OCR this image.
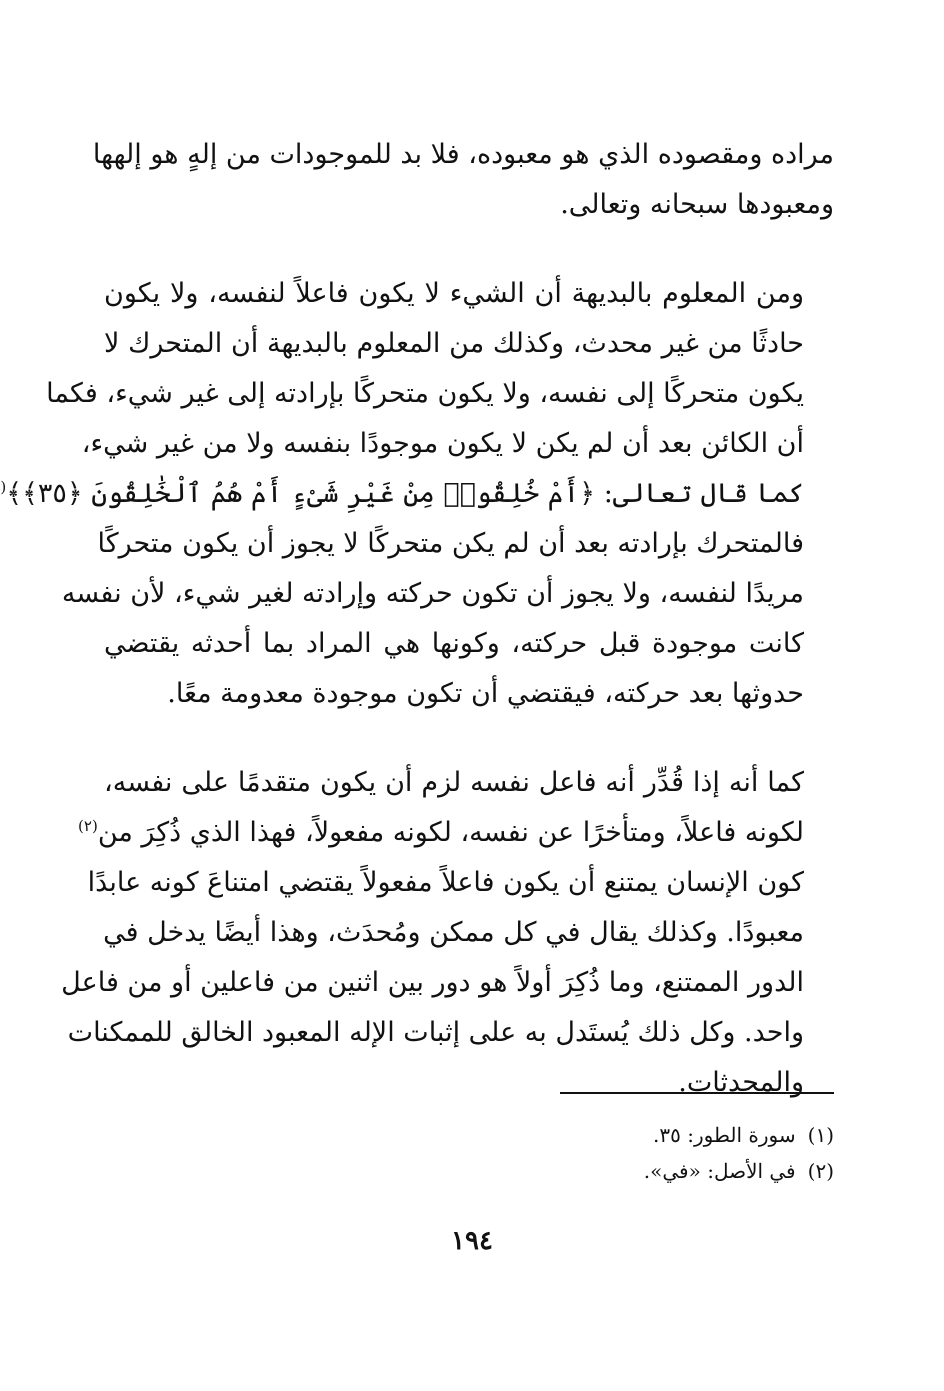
مراده ومقصوده الذي هو معبوده، فلا بد للموجودات من إلهٍ هو إلهها
ومعبودها سبحانه وتعالى.

ومن المعلوم بالبديهة أن الشيء لا يكون فاعلاً لنفسه، ولا يكون
حادثًا من غير محدث، وكذلك من المعلوم بالبديهة أن المتحرك لا
يكون متحركًا إلى نفسه، ولا يكون متحركًا بإرادته إلى غير شيء، فكما
أن الكائن بعد أن لم يكن لا يكون موجودًا بنفسه ولا من غير شيء،
كما قال تعالى: ﴿أَمْ خُلِقُوا۟ مِنْ غَيْرِ شَىْءٍ أَمْ هُمُ ٱلْخَٰلِقُونَ ﴿٣٥﴾﴾(
فالمتحرك بإرادته بعد أن لم يكن متحركًا لا يجوز أن يكون متحركًا
مريدًا لنفسه، ولا يجوز أن تكون حركته وإرادته لغير شيء، لأن نفسه
كانت موجودة قبل حركته، وكونها هي المراد بما أحدثه يقتضي
حدوثها بعد حركته، فيقتضي أن تكون موجودة معدومة معًا.

كما أنه إذا قُدِّر أنه فاعل نفسه لزم أن يكون متقدمًا على نفسه،
لكونه فاعلاً، ومتأخرًا عن نفسه، لكونه مفعولاً، فهذا الذي ذُكِرَ من$^{(٢)}$
كون الإنسان يمتنع أن يكون فاعلاً مفعولاً يقتضي امتناعَ كونه عابدًا
معبودًا. وكذلك يقال في كل ممكن ومُحدَث، وهذا أيضًا يدخل في
الدور الممتنع، وما ذُكِرَ أولاً هو دور بين اثنين من فاعلين أو من فاعل
واحد. وكل ذلك يُستَدل به على إثبات الإله المعبود الخالق للممكنات
والمحدثات.

(١)سورة الطور: ٣٥.
(٢)في الأصل: «في».
١٩٤
